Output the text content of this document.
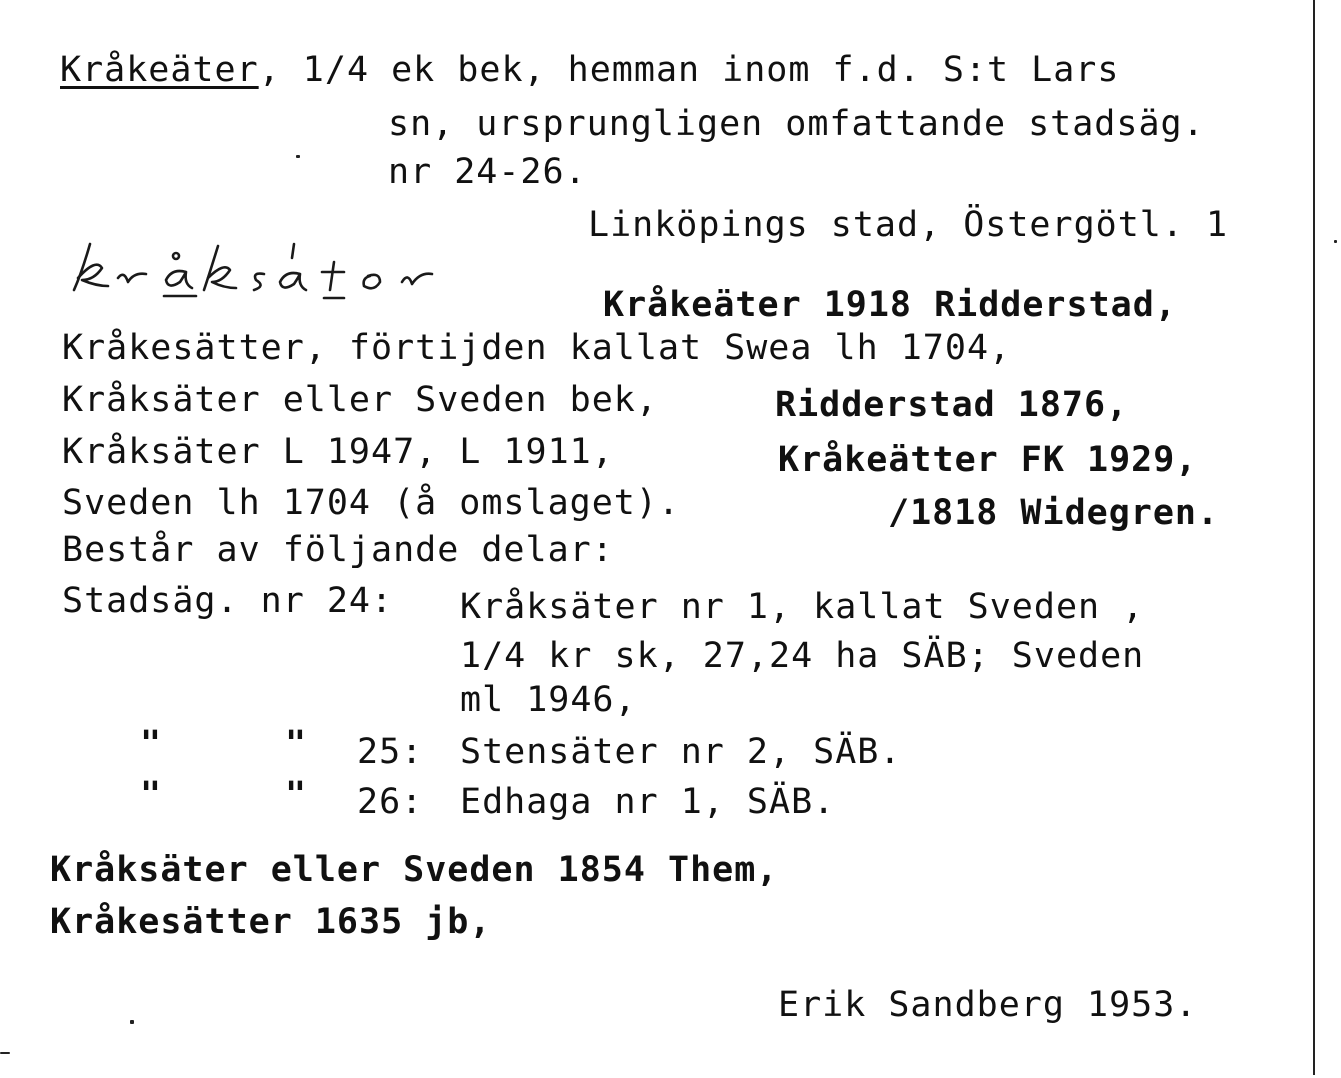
Kråkeäter, 1/4 ek bek, hemman inom f.d. S:t Lars
sn, ursprungligen omfattande stadsäg.
nr 24-26.
Linköpings stad, Östergötl. 1
kråksätər
Kråkeäter 1918 Ridderstad,
Ridderstad 1876,
Kråkeätter FK 1929,
/1818 Widegren.
Kråkesätter, förtijden kallat Swea lh 1704,
Kråksäter eller Sveden bek,
Kråksäter L 1947, L 1911,
Sveden lh 1704 (å omslaget).
Består av följande delar:
Stadsäg. nr 24: Kråksäter nr 1, kallat Sveden ,
1/4 kr sk, 27,24 ha SÄB; Sveden
ml 1946,
"	" 25: Stensäter nr 2, SÄB.
"	" 26: Edhaga nr 1, SÄB.
Kråksäter eller Sveden 1854 Them,
Kråkesätter 1635 jb,
Erik Sandberg 1953.
